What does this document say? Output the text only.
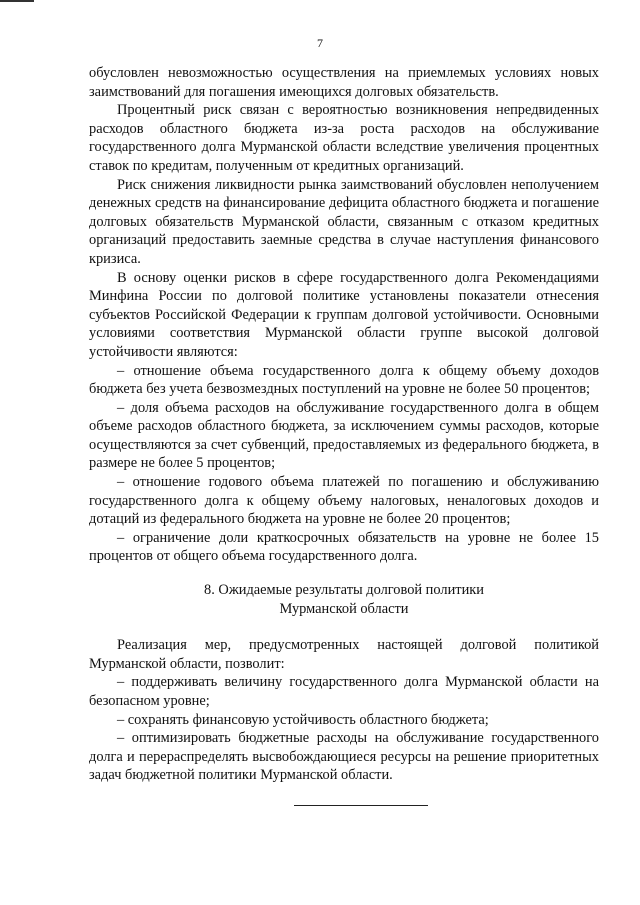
7

обусловлен невозможностью осуществления на приемлемых условиях новых заимствований для погашения имеющихся долговых обязательств.

Процентный риск связан с вероятностью возникновения непредвиденных расходов областного бюджета из-за роста расходов на обслуживание государственного долга Мурманской области вследствие увеличения процентных ставок по кредитам, полученным от кредитных организаций.

Риск снижения ликвидности рынка заимствований обусловлен неполучением денежных средств на финансирование дефицита областного бюджета и погашение долговых обязательств Мурманской области, связанным с отказом кредитных организаций предоставить заемные средства в случае наступления финансового кризиса.

В основу оценки рисков в сфере государственного долга Рекомендациями Минфина России по долговой политике установлены показатели отнесения субъектов Российской Федерации к группам долговой устойчивости. Основными условиями соответствия Мурманской области группе высокой долговой устойчивости являются:

– отношение объема государственного долга к общему объему доходов бюджета без учета безвозмездных поступлений на уровне не более 50 процентов;

– доля объема расходов на обслуживание государственного долга в общем объеме расходов областного бюджета, за исключением суммы расходов, которые осуществляются за счет субвенций, предоставляемых из федерального бюджета, в размере не более 5 процентов;

– отношение годового объема платежей по погашению и обслуживанию государственного долга к общему объему налоговых, неналоговых доходов и дотаций из федерального бюджета на уровне не более 20 процентов;

– ограничение доли краткосрочных обязательств на уровне не более 15 процентов от общего объема государственного долга.

8. Ожидаемые результаты долговой политики
Мурманской области

Реализация мер, предусмотренных настоящей долговой политикой Мурманской области, позволит:

– поддерживать величину государственного долга Мурманской области на безопасном уровне;

– сохранять финансовую устойчивость областного бюджета;

– оптимизировать бюджетные расходы на обслуживание государственного долга и перераспределять высвобождающиеся ресурсы на решение приоритетных задач бюджетной политики Мурманской области.
